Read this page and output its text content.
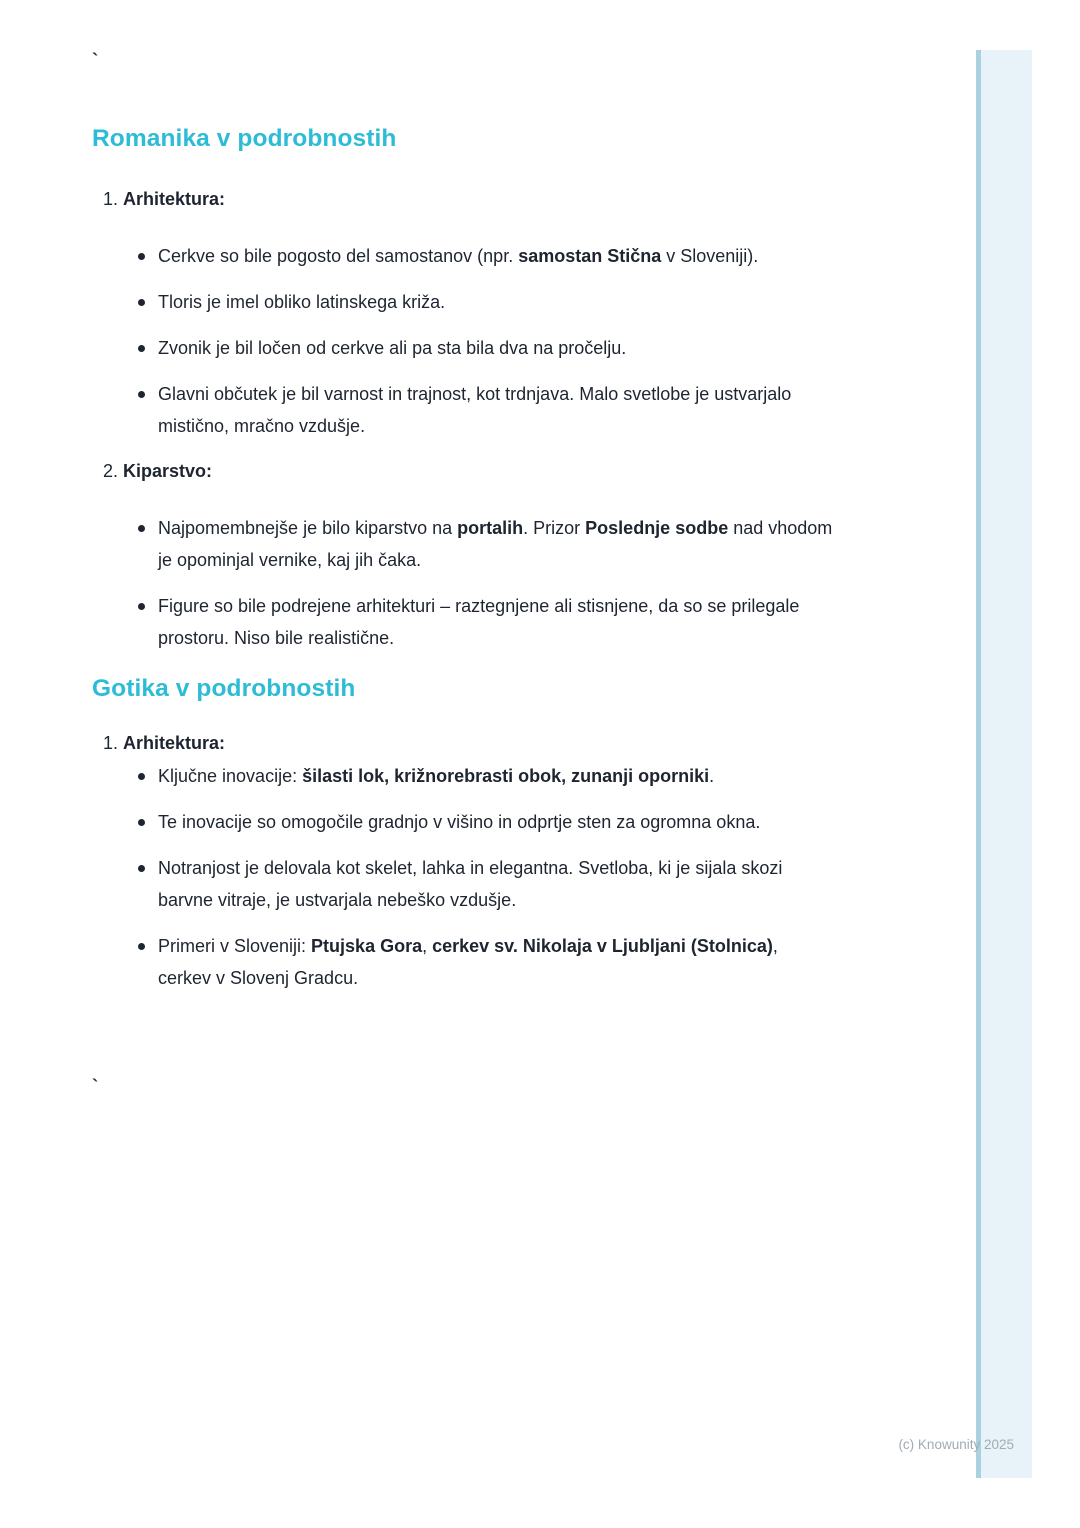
`
Romanika v podrobnostih
1. Arhitektura:
Cerkve so bile pogosto del samostanov (npr. samostan Stična v Sloveniji).
Tloris je imel obliko latinskega križa.
Zvonik je bil ločen od cerkve ali pa sta bila dva na pročelju.
Glavni občutek je bil varnost in trajnost, kot trdnjava. Malo svetlobe je ustvarjalo mistično, mračno vzdušje.
2. Kiparstvo:
Najpomembnejše je bilo kiparstvo na portalih. Prizor Poslednje sodbe nad vhodom je opominjal vernike, kaj jih čaka.
Figure so bile podrejene arhitekturi – raztegnjene ali stisnjene, da so se prilegale prostoru. Niso bile realistične.
Gotika v podrobnostih
1. Arhitektura:
Ključne inovacije: šilasti lok, križnorebrasti obok, zunanji oporniki.
Te inovacije so omogočile gradnjo v višino in odprtje sten za ogromna okna.
Notranjost je delovala kot skelet, lahka in elegantna. Svetloba, ki je sijala skozi barvne vitraje, je ustvarjala nebeško vzdušje.
Primeri v Sloveniji: Ptujska Gora, cerkev sv. Nikolaja v Ljubljani (Stolnica), cerkev v Slovenj Gradcu.
`
(c) Knowunity 2025
